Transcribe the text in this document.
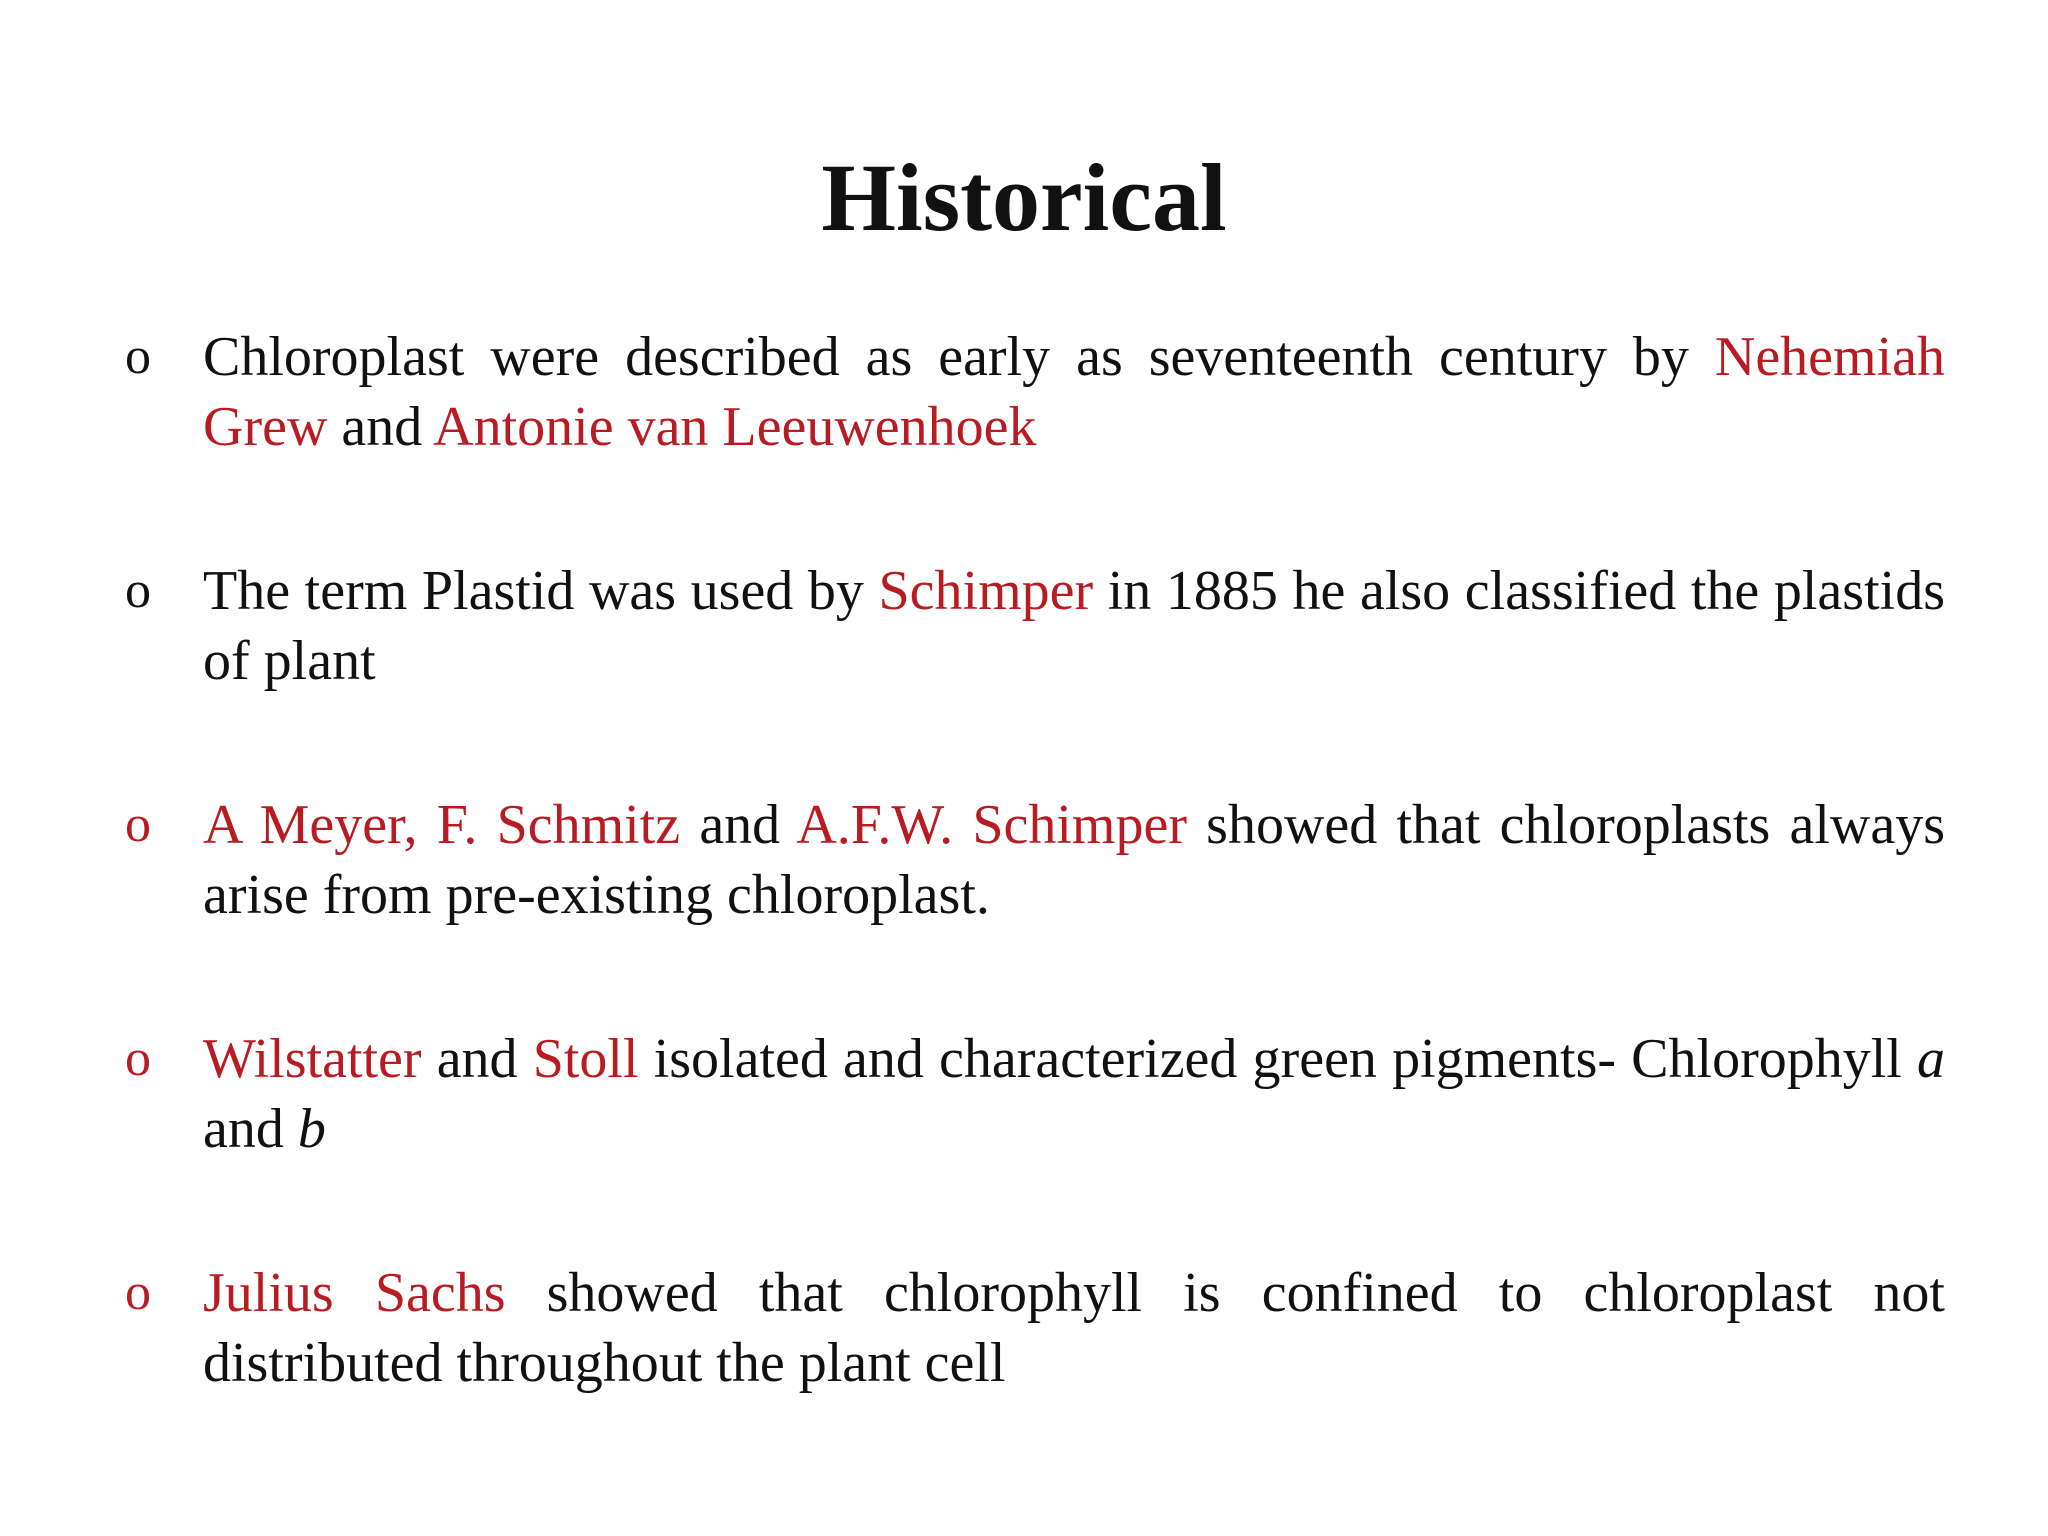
Historical
o Chloroplast were described as early as seventeenth century by Nehemiah Grew and Antonie van Leeuwenhoek
o The term Plastid was used by Schimper in 1885 he also classified the plastids of plant
o A Meyer, F. Schmitz and A.F.W. Schimper showed that chloroplasts always arise from pre-existing chloroplast.
o Wilstatter and Stoll isolated and characterized green pigments- Chlorophyll a and b
o Julius Sachs showed that chlorophyll is confined to chloroplast not distributed throughout the plant cell
